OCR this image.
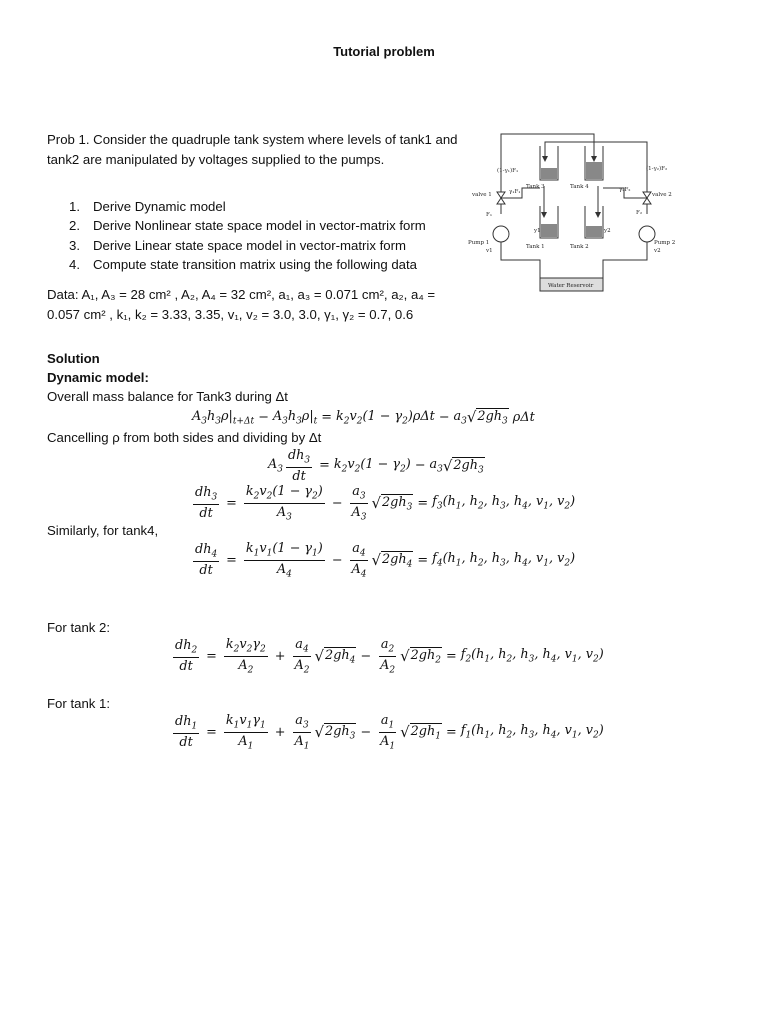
Tutorial problem
Prob 1. Consider the quadruple tank system where levels of tank1 and tank2 are manipulated by voltages supplied to the pumps.
1. Derive Dynamic model
2. Derive Nonlinear state space model in vector-matrix form
3. Derive Linear state space model in vector-matrix form
4. Compute state transition matrix using the following data
Data: A₁, A₃ = 28 cm² , A₂, A₄ = 32 cm², a₁, a₃ = 0.071 cm², a₂, a₄ = 0.057 cm² , k₁, k₂ = 3.33, 3.35, v₁, v₂ = 3.0, 3.0, γ₁, γ₂ = 0.7, 0.6
(1-γ₁)F₁	(1-γ₂)F₂
valve 1	valve 2
γ₁F₁	γ₂F₂
F₁	F₂
Tank 3	Tank 4
Tank 1	Tank 2
y1	y2
Pump 1	Pump 2
v1	v2
Water Reservoir
Solution
Dynamic model:
Overall mass balance for Tank3 during Δt
$A_3h_3\rho|_{t+\Delta t} - A_3h_3\rho|_t = k_2v_2(1 - \gamma_2)\rho\Delta t - a_3$ √ $2gh_3$ ρΔt
Cancelling ρ from both sides and dividing by Δt
$A_3 \frac{dh_3}{dt} = k_2v_2(1 - \gamma_2) - a_3$ √ $2gh_3$
$\frac{dh_3}{dt} = \frac{k_2v_2(1 - \gamma_2)}{A_3} - \frac{a_3}{A_3}$ √ $2gh_3 = f_3(h_1$, $h_2$, $h_3$, $h_4$, $v_1$, $v_2$)
Similarly, for tank4,
$\frac{dh_4}{dt} = \frac{k_1v_1(1 - \gamma_1)}{A_4} - \frac{a_4}{A_4}$ √ $2gh_4 = f_4(h_1$, $h_2$, $h_3$, $h_4$, $v_1$, $v_2$)
For tank 2:
$\frac{dh_2}{dt} = \frac{k_2v_2\gamma_2}{A_2} + \frac{a_4}{A_2}$ √ $2gh_4 - \frac{a_2}{A_2}$ √ $2gh_2 = f_2(h_1$, $h_2$, $h_3$, $h_4$, $v_1$, $v_2$)
For tank 1:
$\frac{dh_1}{dt} = \frac{k_1v_1\gamma_1}{A_1} + \frac{a_3}{A_1}$ √ $2gh_3 - \frac{a_1}{A_1}$ √ $2gh_1 = f_1(h_1$, $h_2$, $h_3$, $h_4$, $v_1$, $v_2$)
